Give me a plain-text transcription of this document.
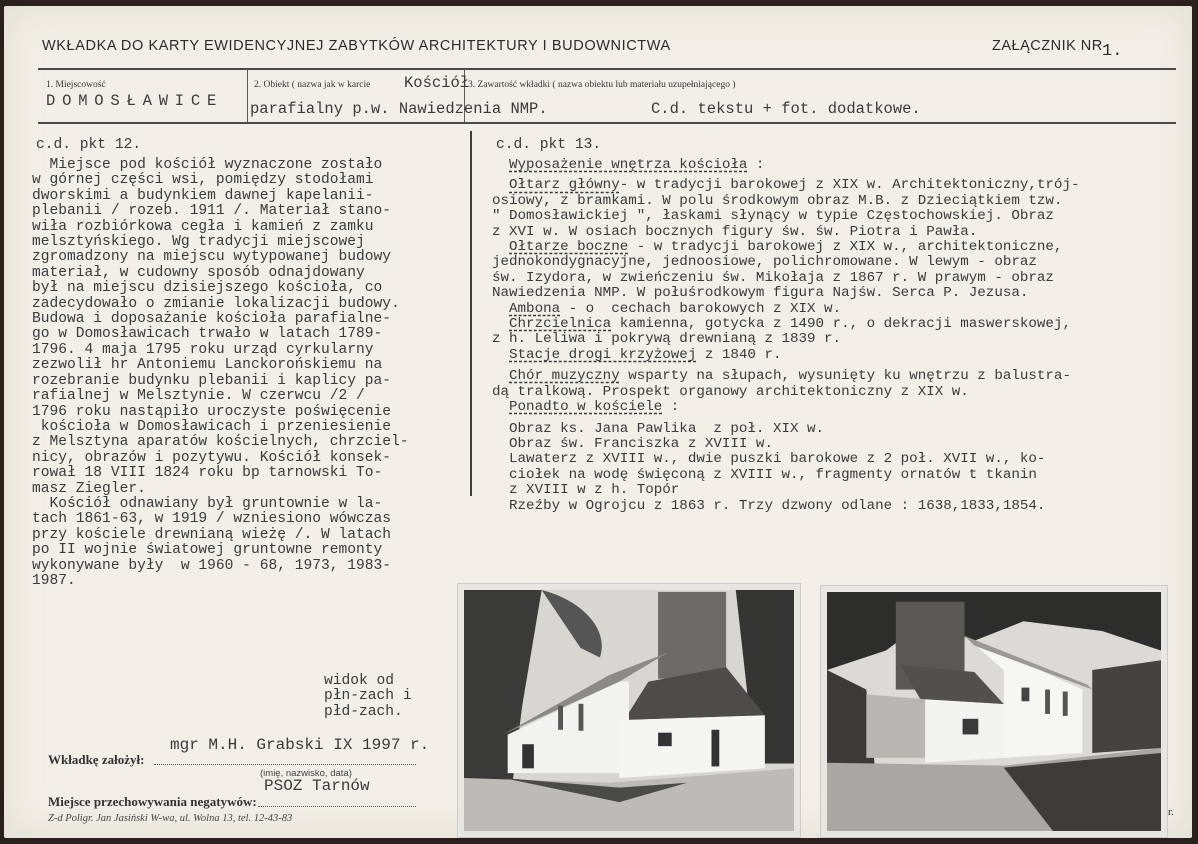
WKŁADKA DO KARTY EWIDENCYJNEJ ZABYTKÓW ARCHITEKTURY I BUDOWNICTWA	ZAŁĄCZNIK NR 1.
1. Miejscowość
DOMOSŁAWICE
2. Obiekt ( nazwa jak w karcie Kościół
parafialny p.w. Nawiedzenia NMP.
3. Zawartość wkładki ( nazwa obiektu lub materiału uzupełniającego )
C.d. tekstu + fot. dodatkowe.
c.d. pkt 12.
Miejsce pod kościół wyznaczone zostało
w górnej części wsi, pomiędzy stodołami
dworskimi a budynkiem dawnej kapelanii-
plebanii / rozeb. 1911 /. Materiał stano-
wiła rozbiórkowa cegła i kamień z zamku
melsztyńskiego. Wg tradycji miejscowej
zgromadzony na miejscu wytypowanej budowy
materiał, w cudowny sposób odnajdowany
był na miejscu dzisiejszego kościoła, co
zadecydowało o zmianie lokalizacji budowy.
Budowa i doposażanie kościoła parafialne-
go w Domosławicach trwało w latach 1789-
1796. 4 maja 1795 roku urząd cyrkularny
zezwolił hr Antoniemu Lanckorońskiemu na
rozebranie budynku plebanii i kaplicy pa-
rafialnej w Melsztynie. W czerwcu /2 /
1796 roku nastąpiło uroczyste poświęcenie
kościoła w Domosławicach i przeniesienie
z Melsztyna aparatów kościelnych, chrzciel-
nicy, obrazów i pozytywu. Kościół konsek-
rował 18 VIII 1824 roku bp tarnowski To-
masz Ziegler.
Kościół odnawiany był gruntownie w la-
tach 1861-63, w 1919 / wzniesiono wówczas
przy kościele drewnianą wieżę /. W latach
po II wojnie światowej gruntowne remonty
wykonywane były  w 1960 - 68, 1973, 1983-
1987.
widok od
płn-zach i
płd-zach.
c.d. pkt 13.
Wyposażenie wnętrza kościoła :
Ołtarz główny- w tradycji barokowej z XIX w. Architektoniczny,trój-
osiowy, z bramkami. W polu środkowym obraz M.B. z Dzieciątkiem tzw.
" Domosławickiej ", łaskami słynący w typie Częstochowskiej. Obraz
z XVI w. W osiach bocznych figury św. św. Piotra i Pawła.
Ołtarze boczne - w tradycji barokowej z XIX w., architektoniczne,
jednokondygnacyjne, jednoosiowe, polichromowane. W lewym - obraz
św. Izydora, w zwieńczeniu św. Mikołaja z 1867 r. W prawym - obraz
Nawiedzenia NMP. W połuśrodkowym figura Najśw. Serca P. Jezusa.
Ambona - o  cechach barokowych z XIX w.
Chrzcielnica kamienna, gotycka z 1490 r., o dekracji maswerskowej,
z h. Leliwa i pokrywą drewnianą z 1839 r.
Stacje drogi krzyżowej z 1840 r.
Chór muzyczny wsparty na słupach, wysunięty ku wnętrzu z balustra-
dą tralkową. Prospekt organowy architektoniczny z XIX w.
Ponadto w kościele :
Obraz ks. Jana Pawlika  z poł. XIX w.
Obraz św. Franciszka z XVIII w.
Lawaterz z XVIII w., dwie puszki barokowe z 2 poł. XVII w., ko-
ciołek na wodę święconą z XVIII w., fragmenty ornatów t tkanin
z XVIII w z h. Topór
Rzeźby w Ogrojcu z 1863 r. Trzy dzwony odlane : 1638,1833,1854.
mgr M.H. Grabski IX 1997 r.
Wkładkę założył:
(imię, nazwisko, data)
PSOZ Tarnów
Miejsce przechowywania negatywów:
Z-d Poligr. Jan Jasiński W-wa, ul. Wolna 13, tel. 12-43-83
r.
